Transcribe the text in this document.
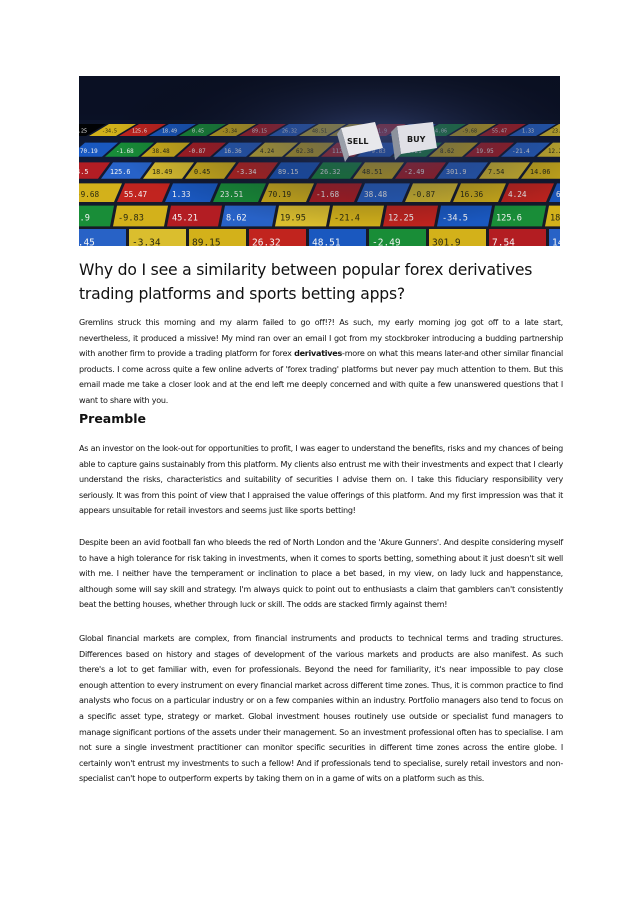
SELL	BUY
Why do I see a similarity between popular forex derivatives trading platforms and sports betting apps?

Gremlins struck this morning and my alarm failed to go off!?! As such, my early morning jog got off to a late start, nevertheless, it produced a missive! My mind ran over an email I got from my stockbroker introducing a budding partnership with another firm to provide a trading platform for forex derivatives-more on what this means later-and other similar financial products. I come across quite a few online adverts of 'forex trading' platforms but never pay much attention to them. But this email made me take a closer look and at the end left me deeply concerned and with quite a few unanswered questions that I want to share with you.

Preamble

As an investor on the look-out for opportunities to profit, I was eager to understand the benefits, risks and my chances of being able to capture gains sustainably from this platform. My clients also entrust me with their investments and expect that I clearly understand the risks, characteristics and suitability of securities I advise them on. I take this fiduciary responsibility very seriously. It was from this point of view that I appraised the value offerings of this platform. And my first impression was that it appears unsuitable for retail investors and seems just like sports betting!

Despite been an avid football fan who bleeds the red of North London and the 'Akure Gunners'. And despite considering myself to have a high tolerance for risk taking in investments, when it comes to sports betting, something about it just doesn't sit well with me. I neither have the temperament or inclination to place a bet based, in my view, on lady luck and happenstance, although some will say skill and strategy. I'm always quick to point out to enthusiasts a claim that gamblers can't consistently beat the betting houses, whether through luck or skill. The odds are stacked firmly against them!

Global financial markets are complex, from financial instruments and products to technical terms and trading structures. Differences based on history and stages of development of the various markets and products are also manifest. As such there's a lot to get familiar with, even for professionals. Beyond the need for familiarity, it's near impossible to pay close enough attention to every instrument on every financial market across different time zones. Thus, it is common practice to find analysts who focus on a particular industry or on a few companies within an industry. Portfolio managers also tend to focus on a specific asset type, strategy or market. Global investment houses routinely use outside or specialist fund managers to manage significant portions of the assets under their management. So an investment professional often has to specialise. I am not sure a single investment practitioner can monitor specific securities in different time zones across the entire globe. I certainly won't entrust my investments to such a fellow! And if professionals tend to specialise, surely retail investors and non-specialist can't hope to outperform experts by taking them on in a game of wits on a platform such as this.
